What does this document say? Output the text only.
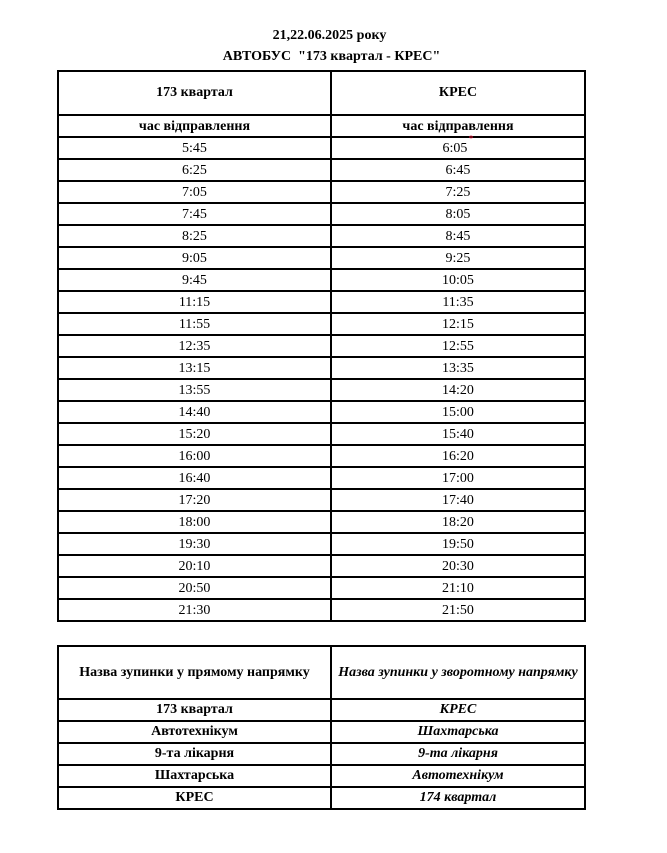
21,22.06.2025 року
АВТОБУС  "173 квартал - КРЕС"
173 квартал	КРЕС
час відправлення	час відправлення
5:45	6:05
*
6:25	6:45
7:05	7:25
7:45	8:05
8:25	8:45
9:05	9:25
9:45	10:05
11:15	11:35
11:55	12:15
12:35	12:55
13:15	13:35
13:55	14:20
14:40	15:00
15:20	15:40
16:00	16:20
16:40	17:00
17:20	17:40
18:00	18:20
19:30	19:50
20:10	20:30
20:50	21:10
21:30	21:50
Назва зупинки у прямому напрямку	Назва зупинки у зворотному напрямку
173 квартал	КРЕС
Автотехнікум	Шахтарська
9-та лікарня	9-та лікарня
Шахтарська	Автотехнікум
КРЕС	174 квартал
